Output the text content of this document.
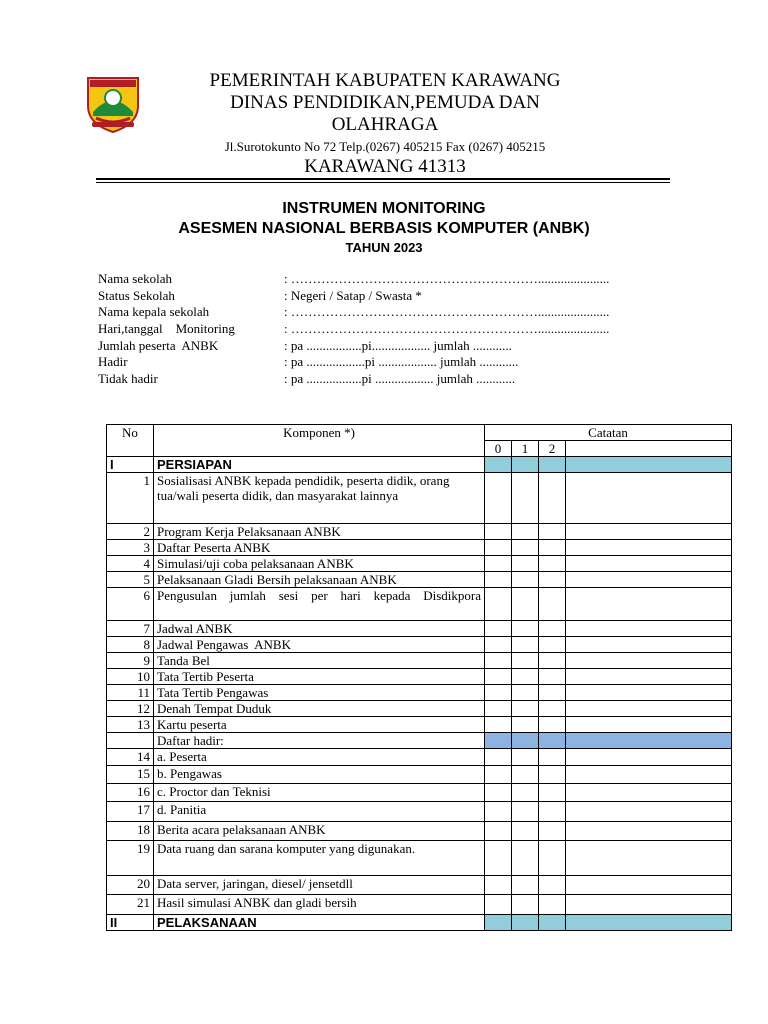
PEMERINTAH KABUPATEN KARAWANG
DINAS PENDIDIKAN,PEMUDA DAN
OLAHRAGA
Jl.Surotokunto No 72 Telp.(0267) 405215 Fax (0267) 405215
KARAWANG 41313
INSTRUMEN MONITORING
ASESMEN NASIONAL BERBASIS KOMPUTER (ANBK)
TAHUN 2023
Nama sekolah	: …………………………………………………......................
Status Sekolah	: Negeri / Satap / Swasta *
Nama kepala sekolah	: …………………………………………………......................
Hari,tanggal    Monitoring	: …………………………………………………......................
Jumlah peserta  ANBK	: pa .................pi.................. jumlah ............
Hadir	: pa ..................pi .................. jumlah ............
Tidak hadir	: pa .................pi .................. jumlah ............
No	Komponen *)	Catatan			
		0	1	2	
I	PERSIAPAN				
1	Sosialisasi ANBK kepada pendidik, peserta didik, orang tua/wali peserta didik, dan masyarakat lainnya				
2	Program Kerja Pelaksanaan ANBK				
3	Daftar Peserta ANBK				
4	Simulasi/uji coba pelaksanaan ANBK				
5	Pelaksanaan Gladi Bersih pelaksanaan ANBK				
6	Pengusulan jumlah sesi per hari kepada Disdikpora				
7	Jadwal ANBK				
8	Jadwal Pengawas  ANBK				
9	Tanda Bel				
10	Tata Tertib Peserta				
11	Tata Tertib Pengawas				
12	Denah Tempat Duduk				
13	Kartu peserta				
	Daftar hadir:				
14	a. Peserta				
15	b. Pengawas				
16	c. Proctor dan Teknisi				
17	d. Panitia				
18	Berita acara pelaksanaan ANBK				
19	Data ruang dan sarana komputer yang digunakan.				
20	Data server, jaringan, diesel/ jensetdll				
21	Hasil simulasi ANBK dan gladi bersih				
II	PELAKSANAAN				
